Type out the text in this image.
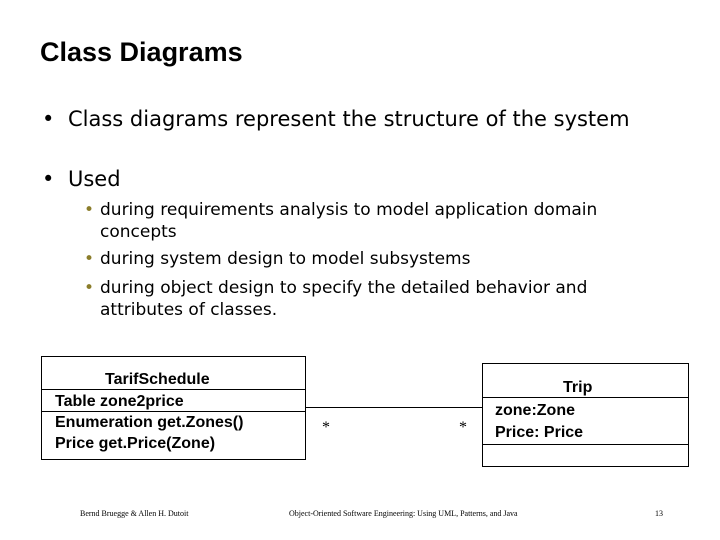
Class Diagrams
• Class diagrams represent the structure of the system
• Used
• during requirements analysis to model application domain concepts
• during system design to model subsystems
• during object design to specify the detailed behavior and attributes of classes.
TarifSchedule
Table zone2price
Enumeration get.Zones()
Price get.Price(Zone)
*	*
Trip
zone:Zone
Price: Price
Bernd Bruegge & Allen H. Dutoit	Object-Oriented Software Engineering: Using UML, Patterns, and Java	13
